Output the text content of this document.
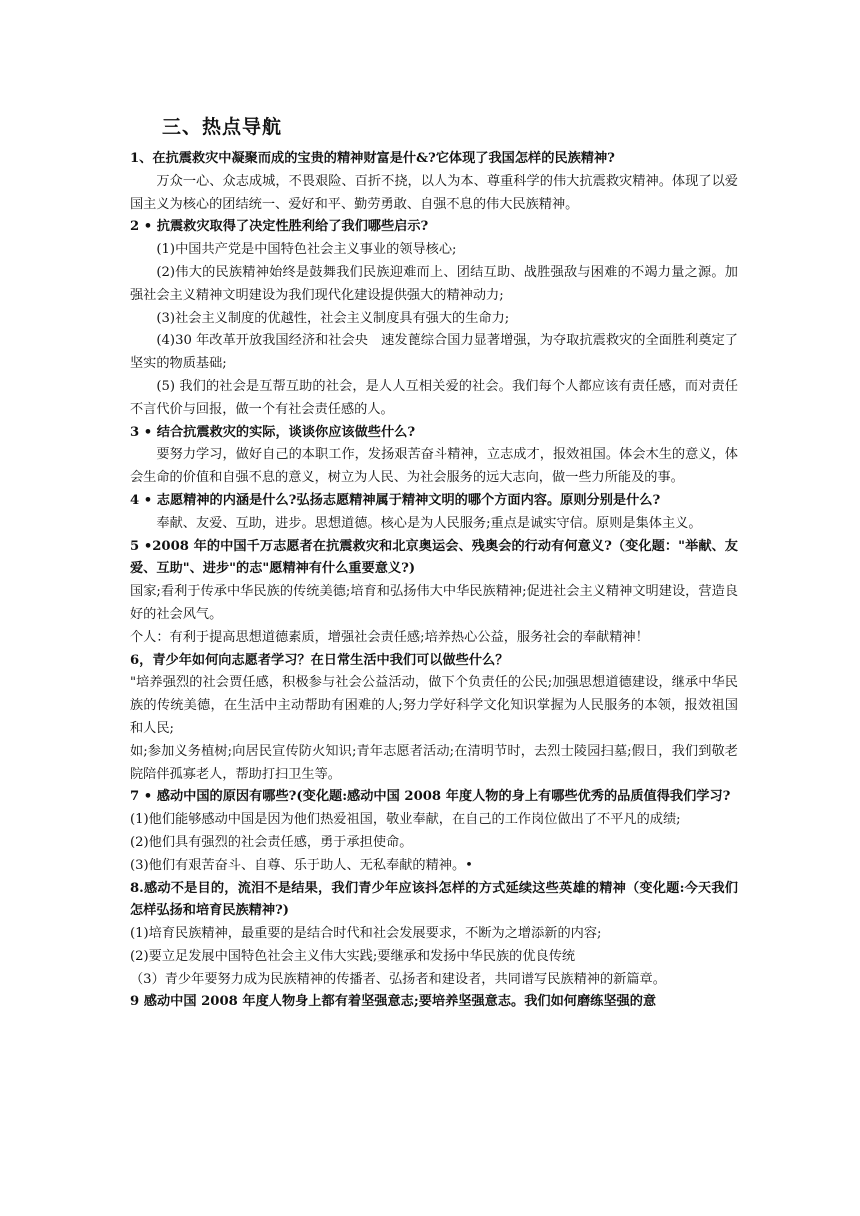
三、热点导航
1、在抗震救灾中凝聚而成的宝贵的精神财富是什&?它体现了我国怎样的民族精神?
万众一心、众志成城，不畏艰险、百折不挠，以人为本、尊重科学的伟大抗震救灾精神。体现了以爱国主义为核心的团结统一、爱好和平、勤劳勇敢、自强不息的伟大民族精神。
2 • 抗震救灾取得了决定性胜利给了我们哪些启示?
(1)中国共产党是中国特色社会主义事业的领导核心;
(2)伟大的民族精神始终是鼓舞我们民族迎难而上、团结互助、战胜强敌与困难的不竭力量之源。加强社会主义精神文明建设为我们现代化建设提供强大的精神动力;
(3)社会主义制度的优越性，社会主义制度具有强大的生命力;
(4)30 年改革开放我国经济和社会央　速发蓖综合国力显著增强，为夺取抗震救灾的全面胜利奠定了坚实的物质基础;
(5) 我们的社会是互帮互助的社会，是人人互相关爱的社会。我们每个人都应该有责任感，而对责任不言代价与回报，做一个有社会责任感的人。
3 • 结合抗震救灾的实际，谈谈你应该做些什么?
要努力学习，做好自己的本职工作，发扬艰苦奋斗精神，立志成才，报效祖国。体会木生的意义，体会生命的价值和自强不息的意义，树立为人民、为社会服务的远大志向，做一些力所能及的事。
4 • 志愿精神的内涵是什么?弘扬志愿精神属于精神文明的哪个方面内容。原则分别是什么?
奉献、友爱、互助，进步。思想道德。核心是为人民服务;重点是诚实守信。原则是集体主义。
5 •2008 年的中国千万志愿者在抗震救灾和北京奥运会、残奥会的行动有何意义?（变化题："举献、友爱、互助"、进步"的志"愿精神有什么重要意义?)
国家;看利于传承中华民族的传统美德;培育和弘扬伟大中华民族精神;促进社会主义精神文明建设，营造良好的社会风气。
个人：有利于提高思想道德素质，增强社会责任感;培养热心公益，服务社会的奉献精神！
6，青少年如何向志愿者学习？在日常生活中我们可以做些什么？
"培养强烈的社会贾任感，积极参与社会公益活动，做下个负责任的公民;加强思想道德建设，继承中华民族的传统美德，在生活中主动帮助有困难的人;努力学好科学文化知识掌握为人民服务的本领，报效祖国和人民;
如;参加义务植树;向居民宣传防火知识;青年志愿者活动;在清明节时，去烈士陵园扫墓;假日，我们到敬老院陪伴孤寡老人，帮助打扫卫生等。
7 • 感动中国的原因有哪些?(变化题:感动中国 2008 年度人物的身上有哪些优秀的品质值得我们学习?
(1)他们能够感动中国是因为他们热爱祖国，敬业奉献，在自己的工作岗位做出了不平凡的成绩;
(2)他们具有强烈的社会责任感，勇于承担使命。
(3)他们有艰苦奋斗、自尊、乐于助人、无私奉献的精神。•
8.感动不是目的，流泪不是结果，我们青少年应该抖怎样的方式延续这些英雄的精神（变化题:今天我们怎样弘扬和培育民族精神?)
(1)培育民族精神，最重要的是结合时代和社会发展要求，不断为之增添新的内容;
(2)要立足发展中国特色社会主义伟大实践;要继承和发扬中华民族的优良传统
（3）青少年要努力成为民族精神的传播者、弘扬者和建设者，共同谱写民族精神的新篇章。
9 感动中国 2008 年度人物身上都有着坚强意志;要培养坚强意志。我们如何磨练坚强的意
